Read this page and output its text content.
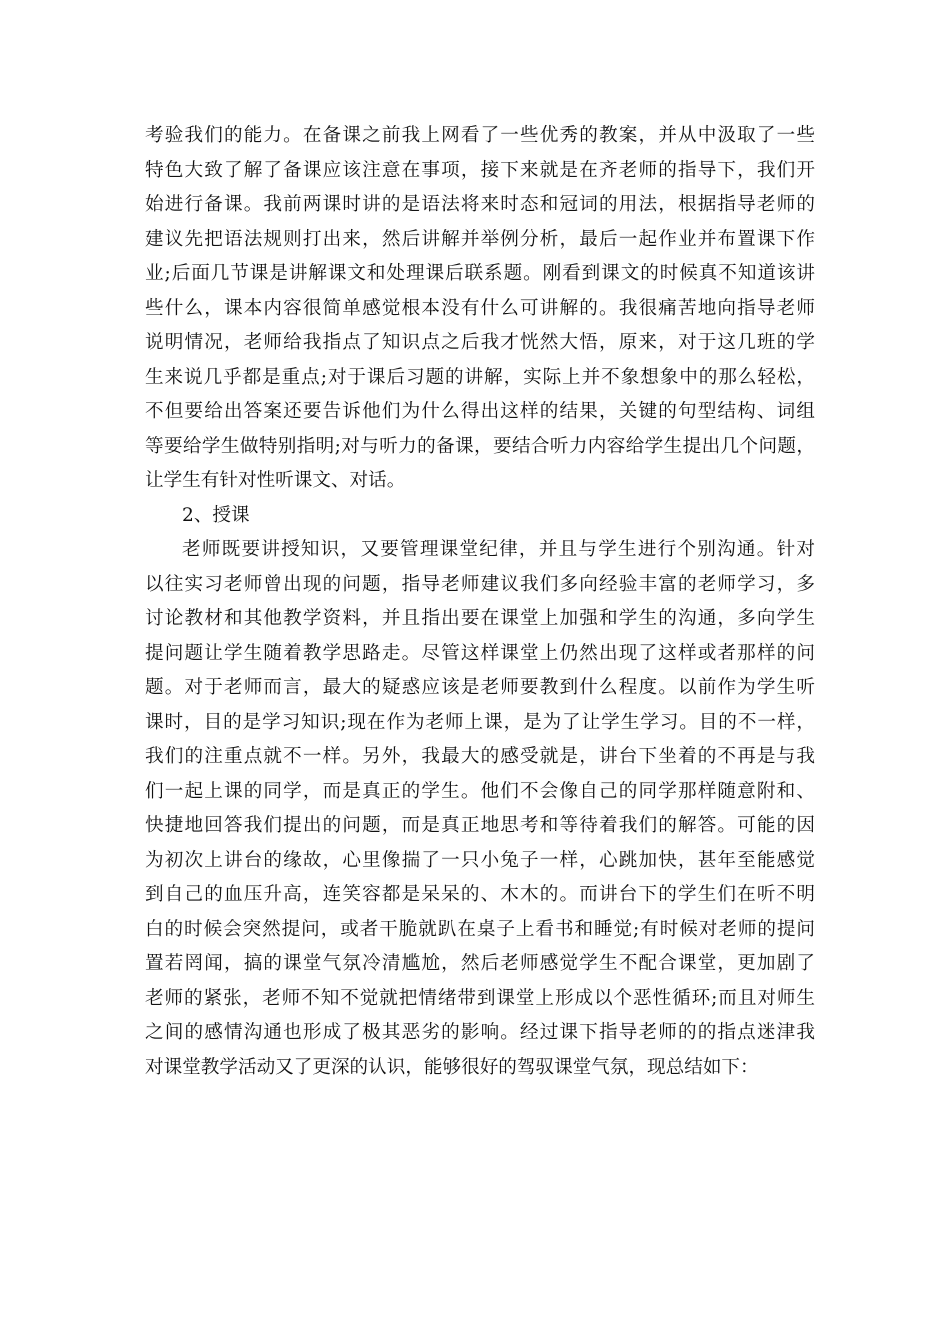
考验我们的能力。在备课之前我上网看了一些优秀的教案，并从中汲取了一些
特色大致了解了备课应该注意在事项，接下来就是在齐老师的指导下，我们开
始进行备课。我前两课时讲的是语法将来时态和冠词的用法，根据指导老师的
建议先把语法规则打出来，然后讲解并举例分析，最后一起作业并布置课下作
业;后面几节课是讲解课文和处理课后联系题。刚看到课文的时候真不知道该讲
些什么，课本内容很简单感觉根本没有什么可讲解的。我很痛苦地向指导老师
说明情况，老师给我指点了知识点之后我才恍然大悟，原来，对于这几班的学
生来说几乎都是重点;对于课后习题的讲解，实际上并不象想象中的那么轻松，
不但要给出答案还要告诉他们为什么得出这样的结果，关键的句型结构、词组
等要给学生做特别指明;对与听力的备课，要结合听力内容给学生提出几个问题，
让学生有针对性听课文、对话。
2、授课
老师既要讲授知识，又要管理课堂纪律，并且与学生进行个别沟通。针对
以往实习老师曾出现的问题，指导老师建议我们多向经验丰富的老师学习，多
讨论教材和其他教学资料，并且指出要在课堂上加强和学生的沟通，多向学生
提问题让学生随着教学思路走。尽管这样课堂上仍然出现了这样或者那样的问
题。对于老师而言，最大的疑惑应该是老师要教到什么程度。以前作为学生听
课时，目的是学习知识;现在作为老师上课，是为了让学生学习。目的不一样，
我们的注重点就不一样。另外，我最大的感受就是，讲台下坐着的不再是与我
们一起上课的同学，而是真正的学生。他们不会像自己的同学那样随意附和、
快捷地回答我们提出的问题，而是真正地思考和等待着我们的解答。可能的因
为初次上讲台的缘故，心里像揣了一只小兔子一样，心跳加快，甚年至能感觉
到自己的血压升高，连笑容都是呆呆的、木木的。而讲台下的学生们在听不明
白的时候会突然提问，或者干脆就趴在桌子上看书和睡觉;有时候对老师的提问
置若罔闻，搞的课堂气氛冷清尴尬，然后老师感觉学生不配合课堂，更加剧了
老师的紧张，老师不知不觉就把情绪带到课堂上形成以个恶性循环;而且对师生
之间的感情沟通也形成了极其恶劣的影响。经过课下指导老师的的指点迷津我
对课堂教学活动又了更深的认识，能够很好的驾驭课堂气氛，现总结如下：
